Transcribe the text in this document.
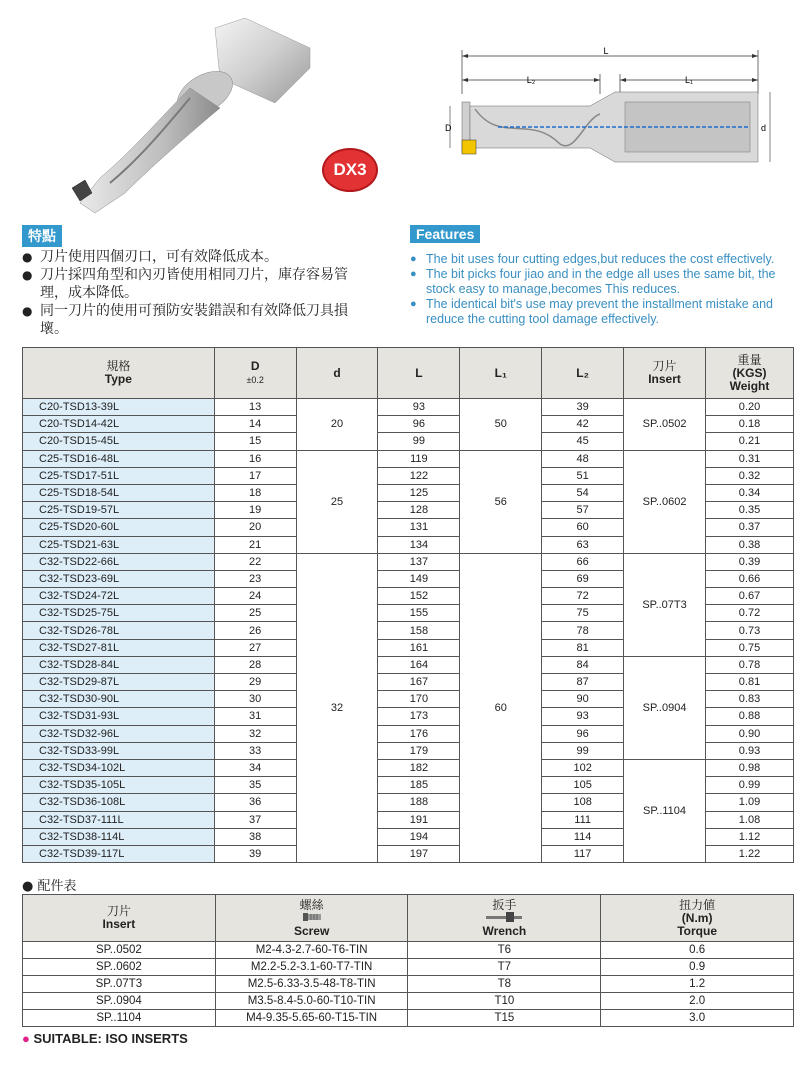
DX3
L
L₂	L₁
D	d
特點
● 刀片使用四個刃口，可有效降低成本。
● 刀片採四角型和內刃皆使用相同刀片，庫存容易管理，成本降低。
● 同一刀片的使用可預防安裝錯誤和有效降低刀具損壞。
Features
● The bit uses four cutting edges,but reduces the cost effectively.
● The bit picks four jiao and in the edge all uses the same bit, the stock easy to manage,becomes This reduces.
● The identical bit's use may prevent the installment mistake and reduce the cutting tool damage effectively.
規格
Type	D
±0.2	d	L	L₁	L₂	刀片
Insert	重量
(KGS)
Weight
C20-TSD13-39L	13	20	93	50	39	SP..0502	0.20
C20-TSD14-42L	14		96		42		0.18
C20-TSD15-45L	15		99		45		0.21
C25-TSD16-48L	16	25	119	56	48	SP..0602	0.31
C25-TSD17-51L	17		122		51		0.32
C25-TSD18-54L	18		125		54		0.34
C25-TSD19-57L	19		128		57		0.35
C25-TSD20-60L	20		131		60		0.37
C25-TSD21-63L	21		134		63		0.38
C32-TSD22-66L	22	32	137	60	66	SP..07T3	0.39
C32-TSD23-69L	23		149		69		0.66
C32-TSD24-72L	24		152		72		0.67
C32-TSD25-75L	25		155		75		0.72
C32-TSD26-78L	26		158		78		0.73
C32-TSD27-81L	27		161		81		0.75
C32-TSD28-84L	28		164		84	SP..0904	0.78
C32-TSD29-87L	29		167		87		0.81
C32-TSD30-90L	30		170		90		0.83
C32-TSD31-93L	31		173		93		0.88
C32-TSD32-96L	32		176		96		0.90
C32-TSD33-99L	33		179		99		0.93
C32-TSD34-102L	34		182		102	SP..1104	0.98
C32-TSD35-105L	35		185		105		0.99
C32-TSD36-108L	36		188		108		1.09
C32-TSD37-111L	37		191		111		1.08
C32-TSD38-114L	38		194		114		1.12
C32-TSD39-117L	39		197		117		1.22
● 配件表
刀片
Insert	螺絲

Screw	扳手

Wrench	扭力値
(N.m)
Torque
SP..0502	M2-4.3-2.7-60-T6-TIN	T6	0.6
SP..0602	M2.2-5.2-3.1-60-T7-TIN	T7	0.9
SP..07T3	M2.5-6.33-3.5-48-T8-TIN	T8	1.2
SP..0904	M3.5-8.4-5.0-60-T10-TIN	T10	2.0
SP..1104	M4-9.35-5.65-60-T15-TIN	T15	3.0
● SUITABLE: ISO INSERTS
